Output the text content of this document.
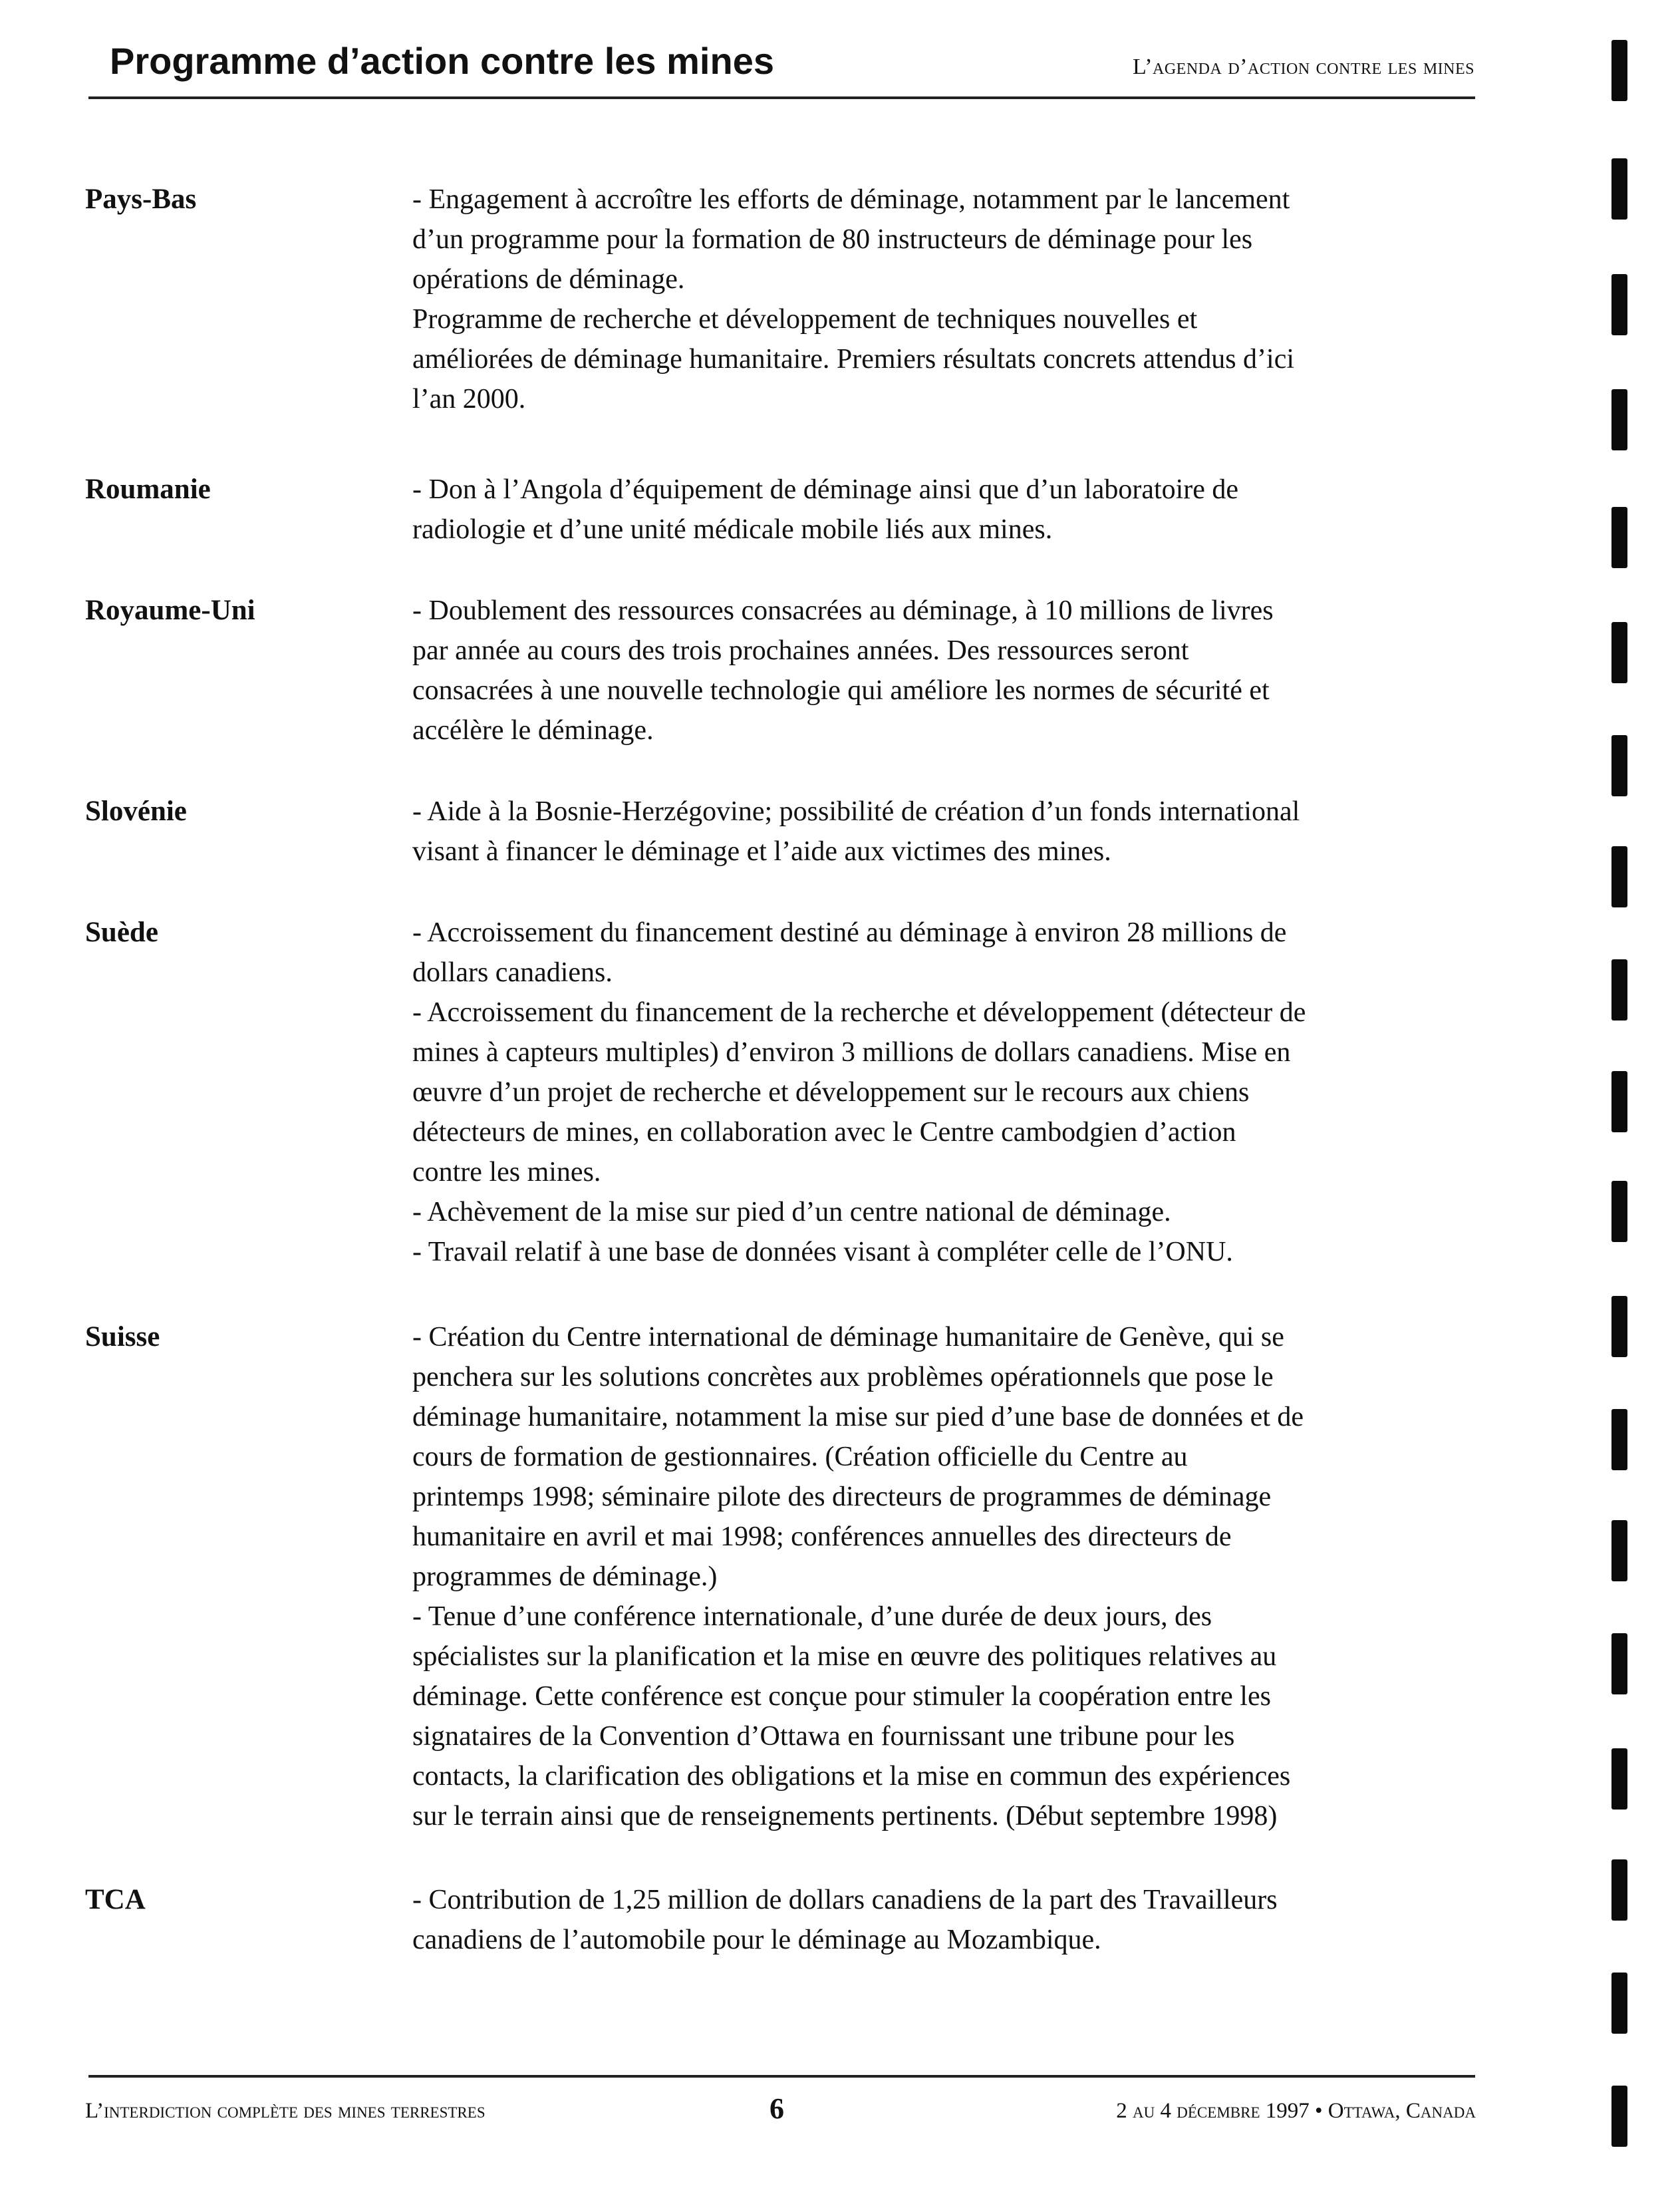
Programme d’action contre les mines	L’agenda d’action contre les mines
Pays-Bas	- Engagement à accroître les efforts de déminage, notamment par le lancement
d’un programme pour la formation de 80 instructeurs de déminage pour les
opérations de déminage.
Programme de recherche et développement de techniques nouvelles et
améliorées de déminage humanitaire. Premiers résultats concrets attendus d’ici
l’an 2000.
Roumanie	- Don à l’Angola d’équipement de déminage ainsi que d’un laboratoire de
radiologie et d’une unité médicale mobile liés aux mines.
Royaume-Uni	- Doublement des ressources consacrées au déminage, à 10 millions de livres
par année au cours des trois prochaines années. Des ressources seront
consacrées à une nouvelle technologie qui améliore les normes de sécurité et
accélère le déminage.
Slovénie	- Aide à la Bosnie-Herzégovine; possibilité de création d’un fonds international
visant à financer le déminage et l’aide aux victimes des mines.
Suède	- Accroissement du financement destiné au déminage à environ 28 millions de
dollars canadiens.
- Accroissement du financement de la recherche et développement (détecteur de
mines à capteurs multiples) d’environ 3 millions de dollars canadiens. Mise en
œuvre d’un projet de recherche et développement sur le recours aux chiens
détecteurs de mines, en collaboration avec le Centre cambodgien d’action
contre les mines.
- Achèvement de la mise sur pied d’un centre national de déminage.
- Travail relatif à une base de données visant à compléter celle de l’ONU.
Suisse	- Création du Centre international de déminage humanitaire de Genève, qui se
penchera sur les solutions concrètes aux problèmes opérationnels que pose le
déminage humanitaire, notamment la mise sur pied d’une base de données et de
cours de formation de gestionnaires. (Création officielle du Centre au
printemps 1998; séminaire pilote des directeurs de programmes de déminage
humanitaire en avril et mai 1998; conférences annuelles des directeurs de
programmes de déminage.)
- Tenue d’une conférence internationale, d’une durée de deux jours, des
spécialistes sur la planification et la mise en œuvre des politiques relatives au
déminage. Cette conférence est conçue pour stimuler la coopération entre les
signataires de la Convention d’Ottawa en fournissant une tribune pour les
contacts, la clarification des obligations et la mise en commun des expériences
sur le terrain ainsi que de renseignements pertinents. (Début septembre 1998)
TCA	- Contribution de 1,25 million de dollars canadiens de la part des Travailleurs
canadiens de l’automobile pour le déminage au Mozambique.
L’interdiction complète des mines terrestres	6	2 au 4 décembre 1997 • Ottawa, Canada
